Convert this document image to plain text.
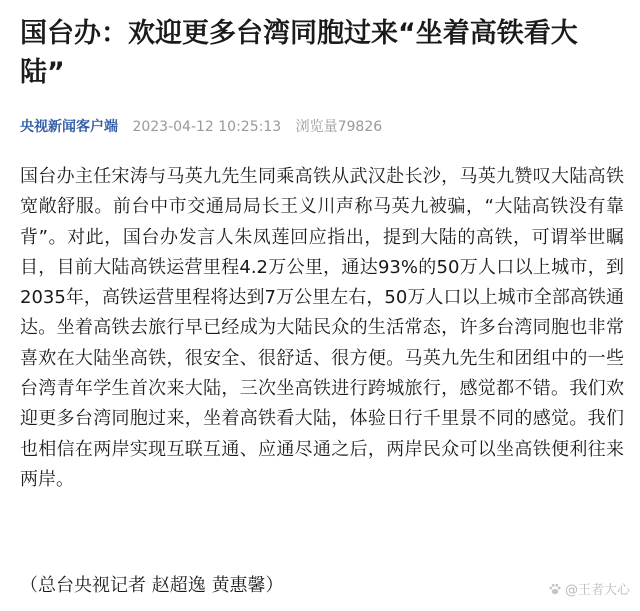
国台办：欢迎更多台湾同胞过来“坐着高铁看大陆”
央视新闻客户端 2023-04-12 10:25:13 浏览量79826

国台办主任宋涛与马英九先生同乘高铁从武汉赴长沙，马英九赞叹大陆高铁宽敞舒服。前台中市交通局局长王义川声称马英九被骗，“大陆高铁没有靠背”。对此，国台办发言人朱凤莲回应指出，提到大陆的高铁，可谓举世瞩目，目前大陆高铁运营里程4.2万公里，通达93%的50万人口以上城市，到2035年，高铁运营里程将达到7万公里左右，50万人口以上城市全部高铁通达。坐着高铁去旅行早已经成为大陆民众的生活常态，许多台湾同胞也非常喜欢在大陆坐高铁，很安全、很舒适、很方便。马英九先生和团组中的一些台湾青年学生首次来大陆，三次坐高铁进行跨城旅行，感觉都不错。我们欢迎更多台湾同胞过来，坐着高铁看大陆，体验日行千里景不同的感觉。我们也相信在两岸实现互联互通、应通尽通之后，两岸民众可以坐高铁便利往来两岸。

（总台央视记者 赵超逸 黄惠馨）	@王者大心
